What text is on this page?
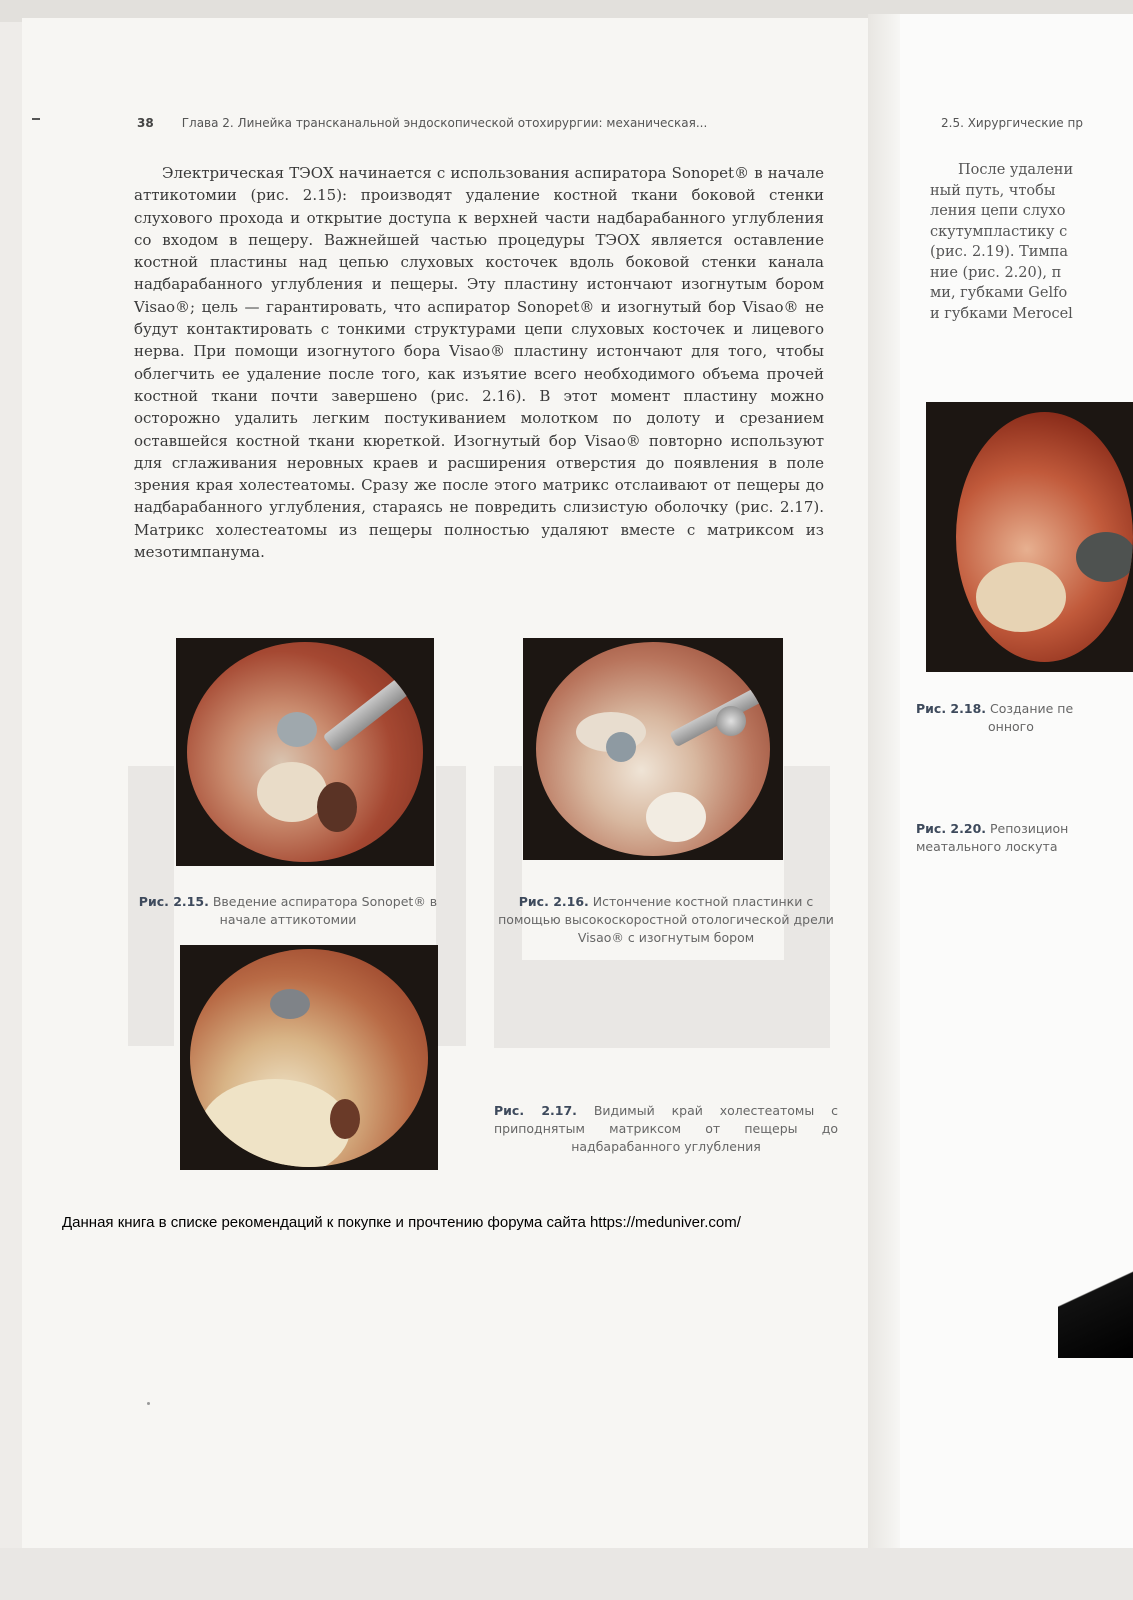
38 Глава 2. Линейка трансканальной эндоскопической отохирургии: механическая...	2.5. Хирургические пр

Электрическая ТЭОХ начинается с использования аспиратора Sonopet® в начале аттикотомии (рис. 2.15): производят удаление костной ткани боковой стенки слухового прохода и открытие доступа к верхней части надбарабанного углубления со входом в пещеру. Важнейшей частью процедуры ТЭОХ является оставление костной пластины над цепью слуховых косточек вдоль боковой стенки канала надбарабанного углубления и пещеры. Эту пластину истончают изогнутым бором Visao®; цель — гарантировать, что аспиратор Sonopet® и изогнутый бор Visao® не будут контактировать с тонкими структурами цепи слуховых косточек и лицевого нерва. При помощи изогнутого бора Visao® пластину истончают для того, чтобы облегчить ее удаление после того, как изъятие всего необходимого объема прочей костной ткани почти завершено (рис. 2.16). В этот момент пластину можно осторожно удалить легким постукиванием молотком по долоту и срезанием оставшейся костной ткани кюреткой. Изогнутый бор Visao® повторно используют для сглаживания неровных краев и расширения отверстия до появления в поле зрения края холестеатомы. Сразу же после этого матрикс отслаивают от пещеры до надбарабанного углубления, стараясь не повредить слизистую оболочку (рис. 2.17). Матрикс холестеатомы из пещеры полностью удаляют вместе с матриксом из мезотимпанума.

Рис. 2.15. Введение аспиратора Sonopet® в начале аттикотомии
Рис. 2.16. Истончение костной пластинки с помощью высокоскоростной отологической дрели Visao® с изогнутым бором
Рис. 2.17. Видимый край холестеатомы с приподнятым матриксом от пещеры до надбарабанного углубления
Рис. 2.18. Создание пе
онного
Рис. 2.20. Репозицион
меатального лоскута

После удалени
ный путь, чтобы
ления цепи слухо
скутумпластику с
(рис. 2.19). Тимпа
ние (рис. 2.20), п
ми, губками Gelfo
и губками Merocel

Данная книга в списке рекомендаций к покупке и прочтению форума сайта https://meduniver.com/
